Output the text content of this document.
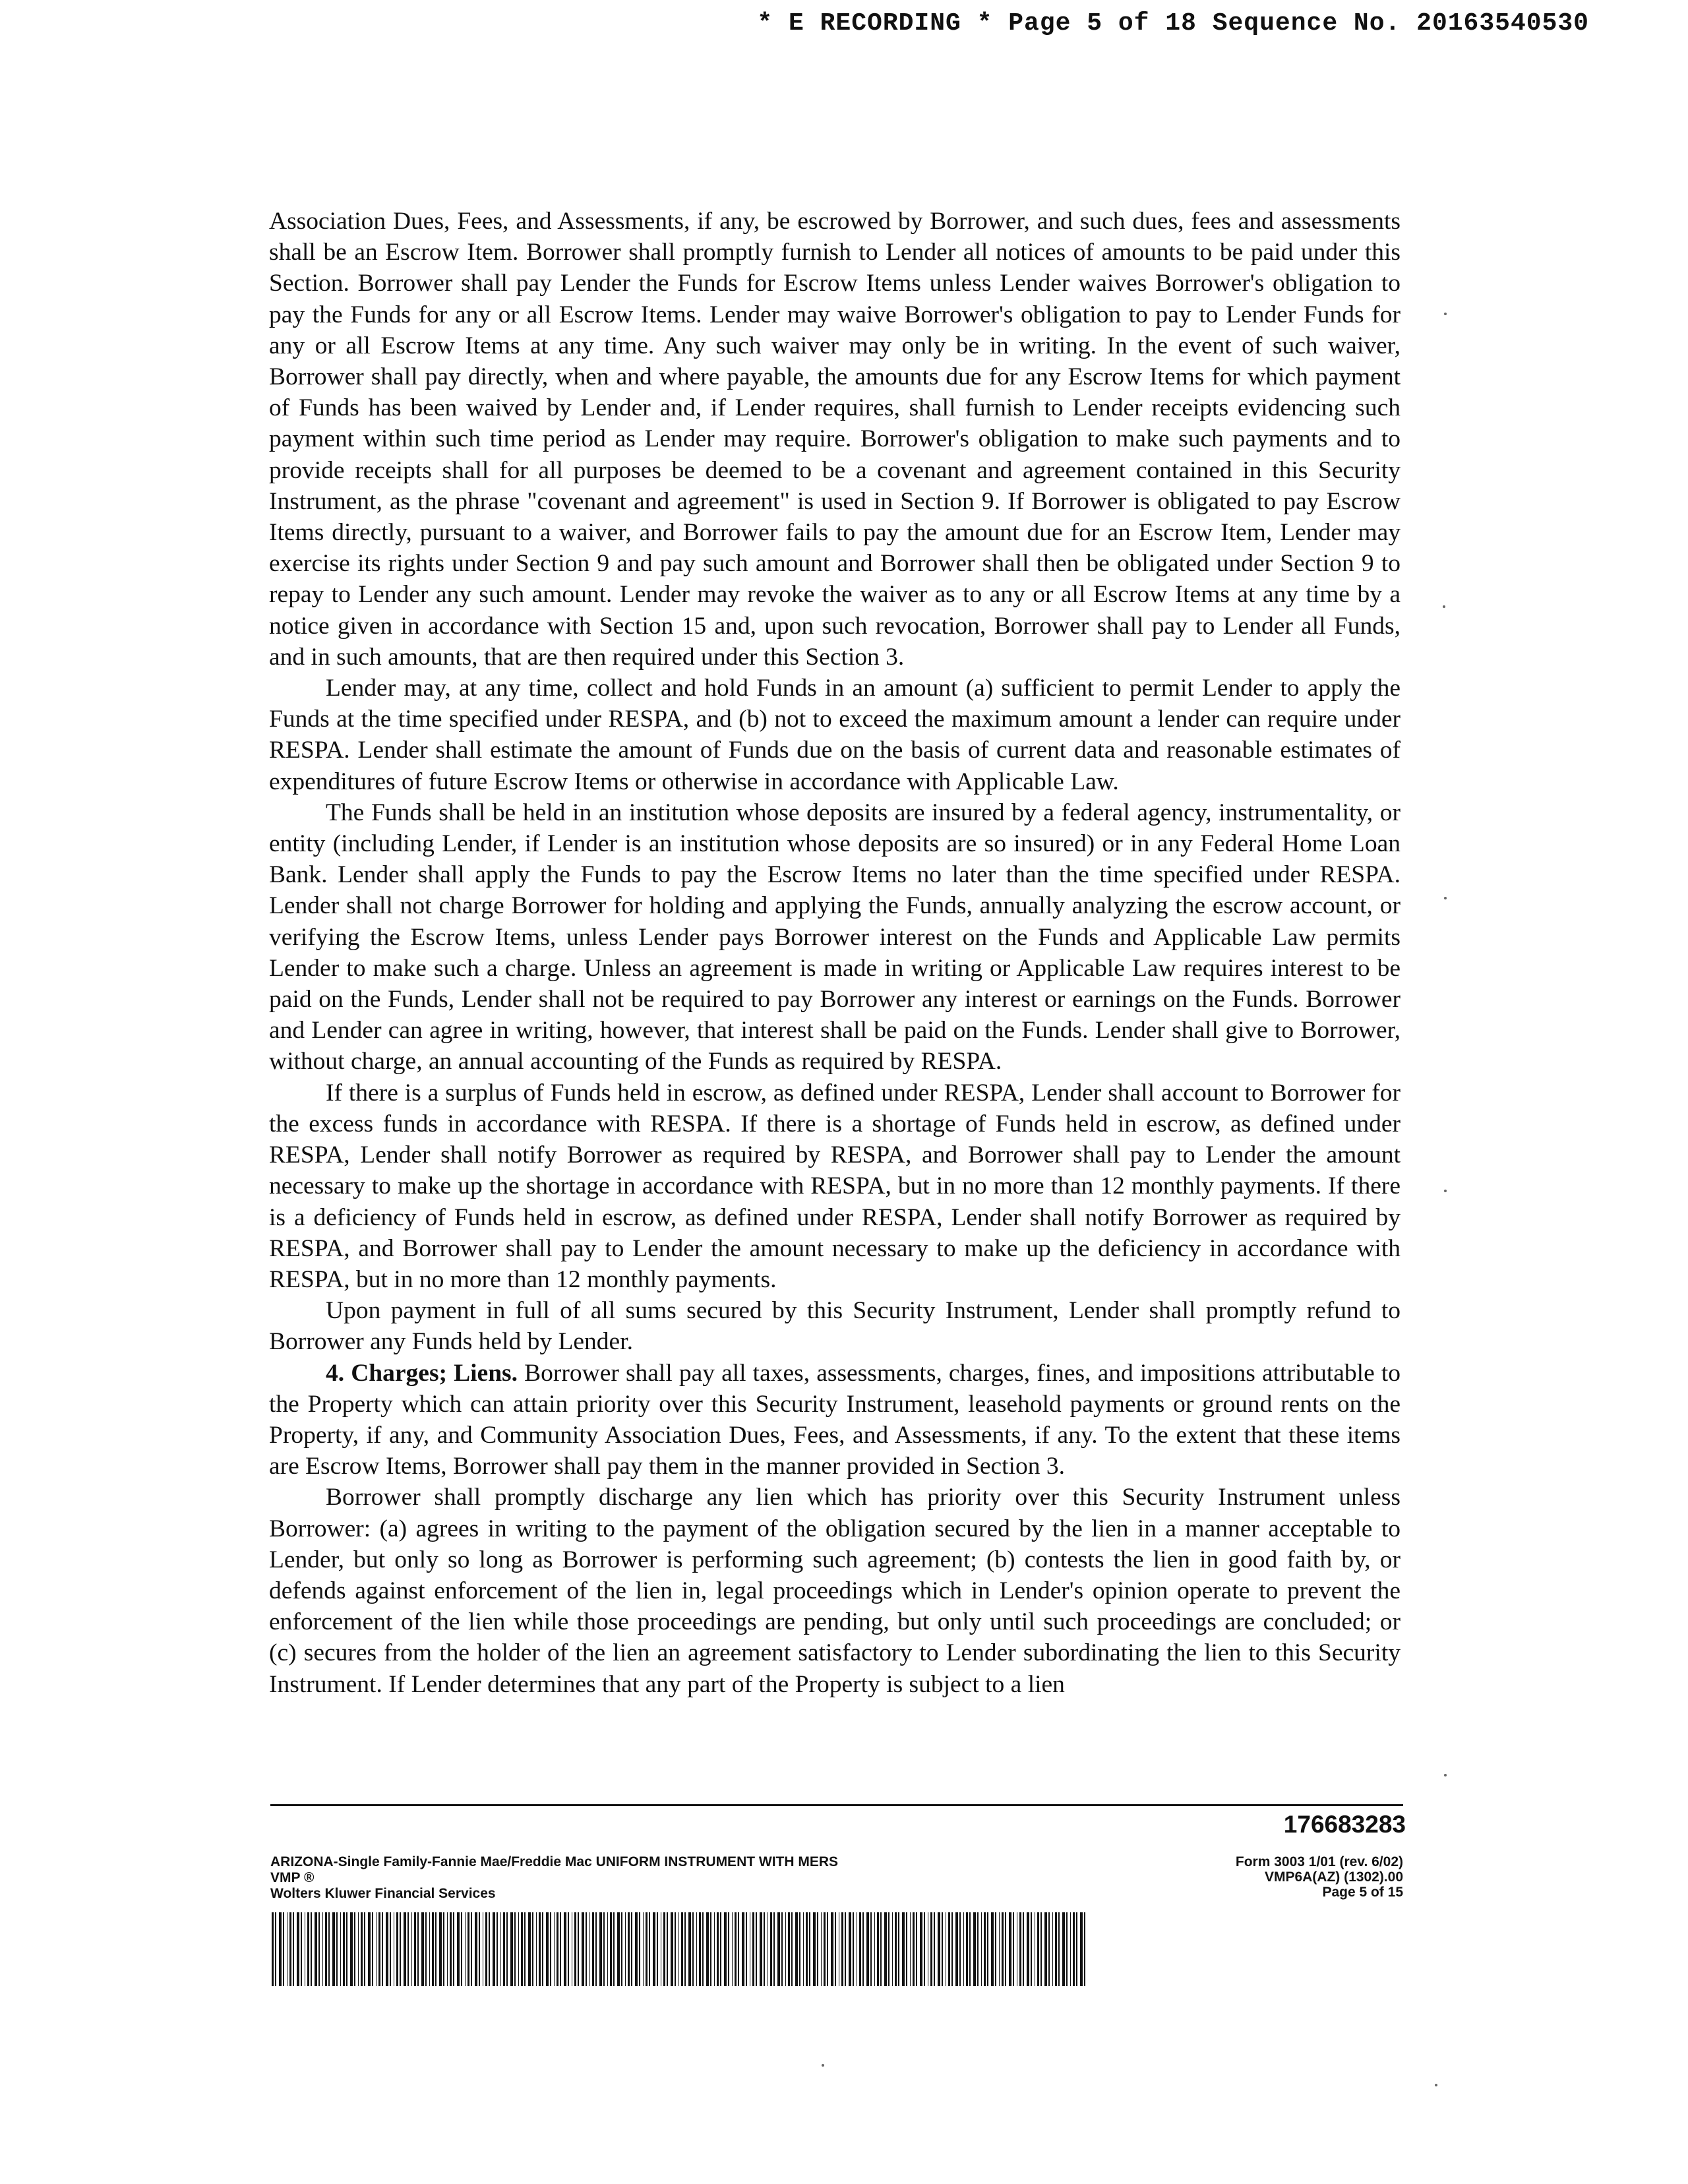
* E RECORDING * Page 5 of 18 Sequence No. 20163540530

Association Dues, Fees, and Assessments, if any, be escrowed by Borrower, and such dues, fees and assessments shall be an Escrow Item. Borrower shall promptly furnish to Lender all notices of amounts to be paid under this Section. Borrower shall pay Lender the Funds for Escrow Items unless Lender waives Borrower's obligation to pay the Funds for any or all Escrow Items. Lender may waive Borrower's obligation to pay to Lender Funds for any or all Escrow Items at any time. Any such waiver may only be in writing. In the event of such waiver, Borrower shall pay directly, when and where payable, the amounts due for any Escrow Items for which payment of Funds has been waived by Lender and, if Lender requires, shall furnish to Lender receipts evidencing such payment within such time period as Lender may require. Borrower's obligation to make such payments and to provide receipts shall for all purposes be deemed to be a covenant and agreement contained in this Security Instrument, as the phrase "covenant and agreement" is used in Section 9. If Borrower is obligated to pay Escrow Items directly, pursuant to a waiver, and Borrower fails to pay the amount due for an Escrow Item, Lender may exercise its rights under Section 9 and pay such amount and Borrower shall then be obligated under Section 9 to repay to Lender any such amount. Lender may revoke the waiver as to any or all Escrow Items at any time by a notice given in accordance with Section 15 and, upon such revocation, Borrower shall pay to Lender all Funds, and in such amounts, that are then required under this Section 3.

Lender may, at any time, collect and hold Funds in an amount (a) sufficient to permit Lender to apply the Funds at the time specified under RESPA, and (b) not to exceed the maximum amount a lender can require under RESPA. Lender shall estimate the amount of Funds due on the basis of current data and reasonable estimates of expenditures of future Escrow Items or otherwise in accordance with Applicable Law.

The Funds shall be held in an institution whose deposits are insured by a federal agency, instrumentality, or entity (including Lender, if Lender is an institution whose deposits are so insured) or in any Federal Home Loan Bank. Lender shall apply the Funds to pay the Escrow Items no later than the time specified under RESPA. Lender shall not charge Borrower for holding and applying the Funds, annually analyzing the escrow account, or verifying the Escrow Items, unless Lender pays Borrower interest on the Funds and Applicable Law permits Lender to make such a charge. Unless an agreement is made in writing or Applicable Law requires interest to be paid on the Funds, Lender shall not be required to pay Borrower any interest or earnings on the Funds. Borrower and Lender can agree in writing, however, that interest shall be paid on the Funds. Lender shall give to Borrower, without charge, an annual accounting of the Funds as required by RESPA.

If there is a surplus of Funds held in escrow, as defined under RESPA, Lender shall account to Borrower for the excess funds in accordance with RESPA. If there is a shortage of Funds held in escrow, as defined under RESPA, Lender shall notify Borrower as required by RESPA, and Borrower shall pay to Lender the amount necessary to make up the shortage in accordance with RESPA, but in no more than 12 monthly payments. If there is a deficiency of Funds held in escrow, as defined under RESPA, Lender shall notify Borrower as required by RESPA, and Borrower shall pay to Lender the amount necessary to make up the deficiency in accordance with RESPA, but in no more than 12 monthly payments.

Upon payment in full of all sums secured by this Security Instrument, Lender shall promptly refund to Borrower any Funds held by Lender.

4. Charges; Liens. Borrower shall pay all taxes, assessments, charges, fines, and impositions attributable to the Property which can attain priority over this Security Instrument, leasehold payments or ground rents on the Property, if any, and Community Association Dues, Fees, and Assessments, if any. To the extent that these items are Escrow Items, Borrower shall pay them in the manner provided in Section 3.

Borrower shall promptly discharge any lien which has priority over this Security Instrument unless Borrower: (a) agrees in writing to the payment of the obligation secured by the lien in a manner acceptable to Lender, but only so long as Borrower is performing such agreement; (b) contests the lien in good faith by, or defends against enforcement of the lien in, legal proceedings which in Lender's opinion operate to prevent the enforcement of the lien while those proceedings are pending, but only until such proceedings are concluded; or (c) secures from the holder of the lien an agreement satisfactory to Lender subordinating the lien to this Security Instrument. If Lender determines that any part of the Property is subject to a lien

176683283
ARIZONA-Single Family-Fannie Mae/Freddie Mac UNIFORM INSTRUMENT WITH MERS
VMP ®
Wolters Kluwer Financial Services
Form 3003 1/01 (rev. 6/02)
VMP6A(AZ) (1302).00
Page 5 of 15
